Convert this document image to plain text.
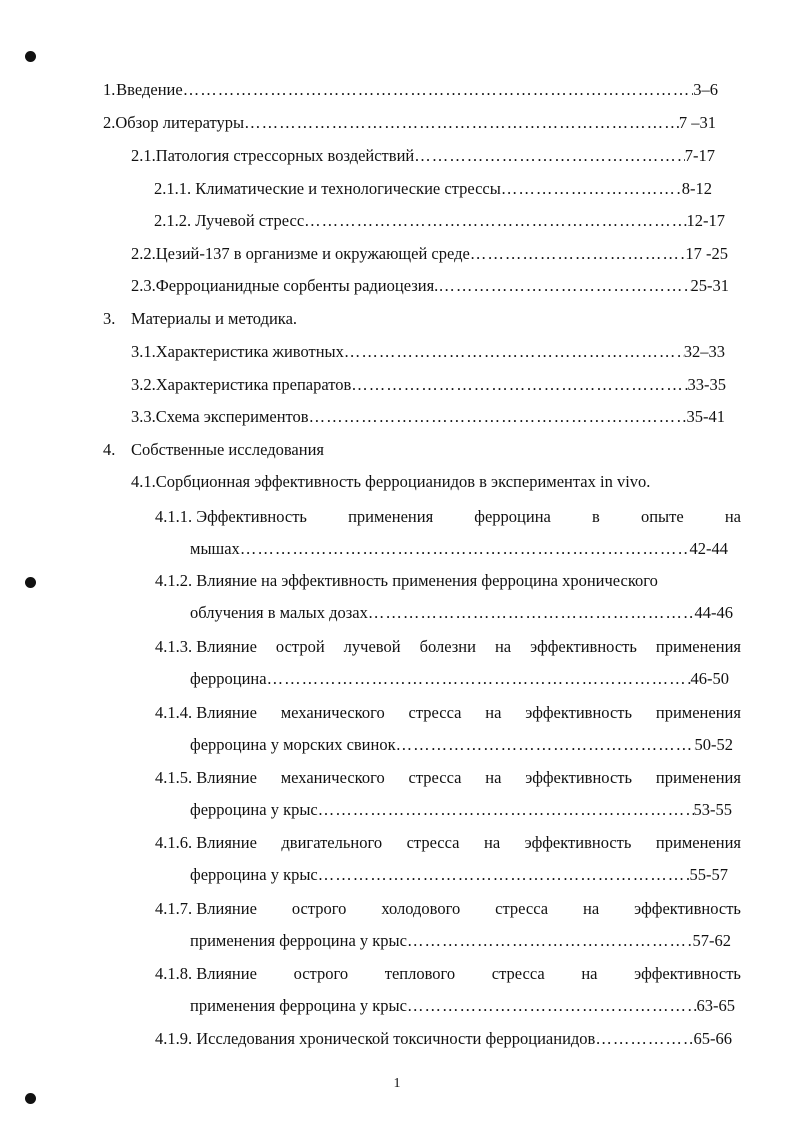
1. Введение ……………………………………………………………………………………………………………………………………………………………………	3–6
2. Обзор литературы ……………………………………………………………………………………………………………………………………………………………………	7 –31
2.1.Патология стрессорных воздействий ……………………………………………………………………………………………………………………………………………………………………	7-17
2.1.1. Климатические и технологические стрессы ……………………………………………………………………………………………………………………………………………………………………	8-12
2.1.2. Лучевой стресс ……………………………………………………………………………………………………………………………………………………………………	12-17
2.2.Цезий-137 в организме и окружающей среде ……………………………………………………………………………………………………………………………………………………………………	17 -25
2.3.Ферроцианидные сорбенты радиоцезия. ……………………………………………………………………………………………………………………………………………………………………	25-31
3. Материалы и методика.
3.1.Характеристика животных ……………………………………………………………………………………………………………………………………………………………………	32–33
3.2.Характеристика препаратов ……………………………………………………………………………………………………………………………………………………………………	33-35
3.3.Схема экспериментов ……………………………………………………………………………………………………………………………………………………………………	35-41
4. Собственные исследования
4.1.Сорбционная эффективность ферроцианидов в экспериментах in vivo.
4.1.1. Эффективность применения ферроцина в опыте на
мышах ……………………………………………………………………………………………………………………………………………………………………	42-44
4.1.2. Влияние на эффективность применения ферроцина хронического
облучения в малых дозах ……………………………………………………………………………………………………………………………………………………………………	44-46
4.1.3. Влияние острой лучевой болезни на эффективность применения
ферроцина ……………………………………………………………………………………………………………………………………………………………………	46-50
4.1.4. Влияние механического стресса на эффективность применения
ферроцина у морских свинок ……………………………………………………………………………………………………………………………………………………………………	50-52
4.1.5. Влияние механического стресса на эффективность применения
ферроцина у крыс ……………………………………………………………………………………………………………………………………………………………………	53-55
4.1.6. Влияние двигательного стресса на эффективность применения
ферроцина у крыс ……………………………………………………………………………………………………………………………………………………………………	55-57
4.1.7. Влияние острого холодового стресса на эффективность
применения ферроцина у крыс ……………………………………………………………………………………………………………………………………………………………………	57-62
4.1.8. Влияние острого теплового стресса на эффективность
применения ферроцина у крыс ……………………………………………………………………………………………………………………………………………………………………	63-65
4.1.9. Исследования хронической токсичности ферроцианидов ……………………………………………………………………………………………………………………………………………………………………	65-66
1
